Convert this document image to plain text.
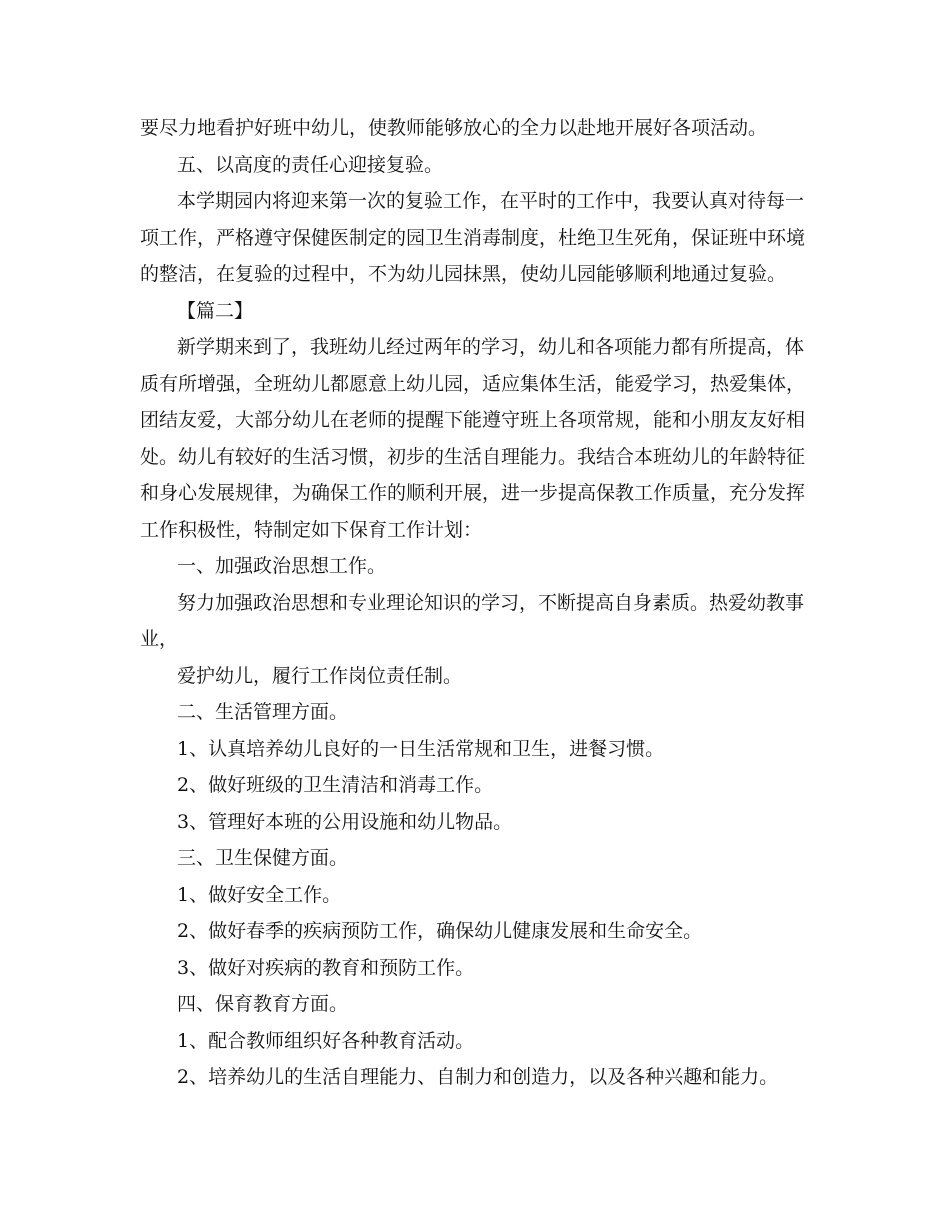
要尽力地看护好班中幼儿，使教师能够放心的全力以赴地开展好各项活动。

五、以高度的责任心迎接复验。

本学期园内将迎来第一次的复验工作，在平时的工作中，我要认真对待每一项工作，严格遵守保健医制定的园卫生消毒制度，杜绝卫生死角，保证班中环境的整洁，在复验的过程中，不为幼儿园抹黑，使幼儿园能够顺利地通过复验。

【篇二】

新学期来到了，我班幼儿经过两年的学习，幼儿和各项能力都有所提高，体质有所增强，全班幼儿都愿意上幼儿园，适应集体生活，能爱学习，热爱集体，团结友爱，大部分幼儿在老师的提醒下能遵守班上各项常规，能和小朋友友好相处。幼儿有较好的生活习惯，初步的生活自理能力。我结合本班幼儿的年龄特征和身心发展规律，为确保工作的顺利开展，进一步提高保教工作质量，充分发挥工作积极性，特制定如下保育工作计划：

一、加强政治思想工作。

努力加强政治思想和专业理论知识的学习，不断提高自身素质。热爱幼教事业，

爱护幼儿，履行工作岗位责任制。

二、生活管理方面。

1、认真培养幼儿良好的一日生活常规和卫生，进餐习惯。

2、做好班级的卫生清洁和消毒工作。

3、管理好本班的公用设施和幼儿物品。

三、卫生保健方面。

1、做好安全工作。

2、做好春季的疾病预防工作，确保幼儿健康发展和生命安全。

3、做好对疾病的教育和预防工作。

四、保育教育方面。

1、配合教师组织好各种教育活动。

2、培养幼儿的生活自理能力、自制力和创造力，以及各种兴趣和能力。
